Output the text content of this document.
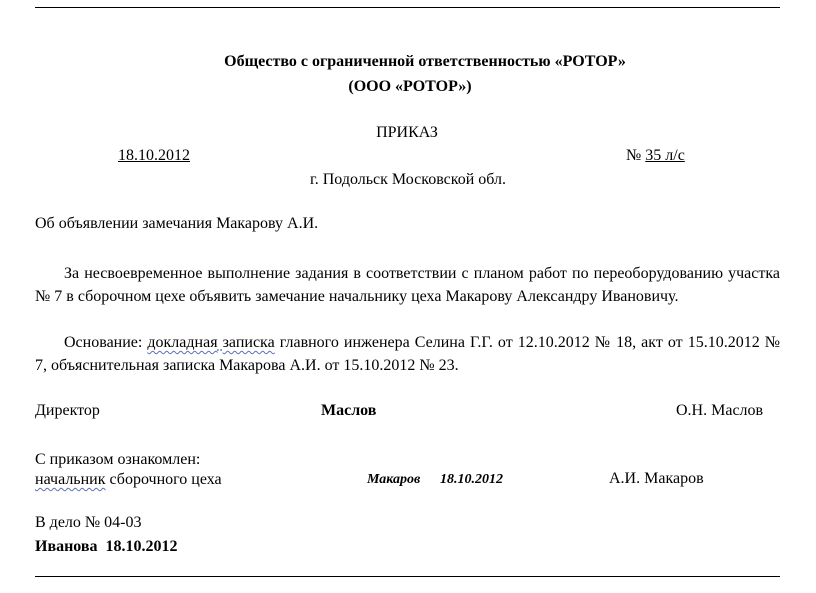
Общество с ограниченной ответственностью «РОТОР»
(ООО «РОТОР»)
ПРИКАЗ
18.10.2012	№ 35 л/с
г. Подольск Московской обл.
Об объявлении замечания Макарову А.И.
За несвоевременное выполнение задания в соответствии с планом работ по переоборудованию участка № 7 в сборочном цехе объявить замечание начальнику цеха Макарову Александру Ивановичу.
Основание: докладная записка главного инженера Селина Г.Г. от 12.10.2012 № 18, акт от 15.10.2012 № 7, объяснительная записка Макарова А.И. от 15.10.2012 № 23.
Директор	Маслов	О.Н. Маслов
С приказом ознакомлен:
начальник сборочного цеха	Макаров 18.10.2012	А.И. Макаров
В дело № 04-03
Иванова 18.10.2012
